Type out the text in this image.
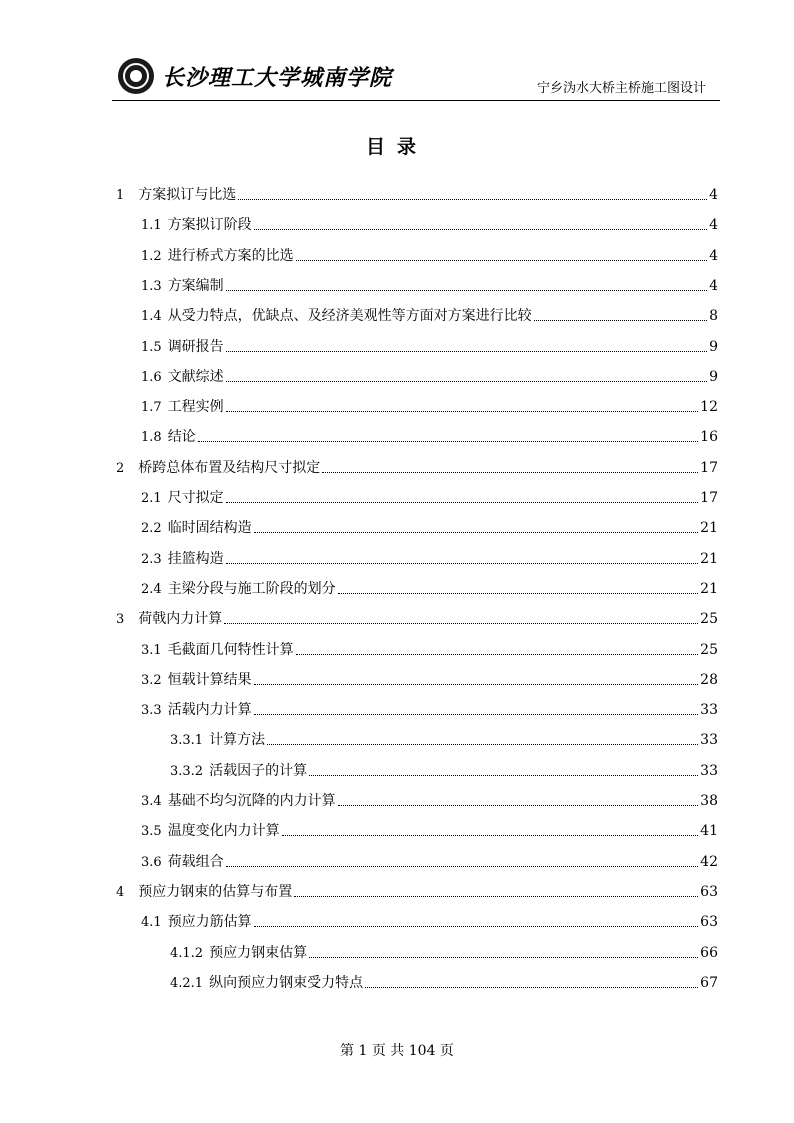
长沙理工大学城南学院	宁乡沩水大桥主桥施工图设计
目录
1 方案拟订与比选	4
1.1 方案拟订阶段	4
1.2 进行桥式方案的比选	4
1.3 方案编制	4
1.4 从受力特点，优缺点、及经济美观性等方面对方案进行比较	8
1.5 调研报告	9
1.6 文献综述	9
1.7 工程实例	12
1.8 结论	16
2 桥跨总体布置及结构尺寸拟定	17
2.1 尺寸拟定	17
2.2 临时固结构造	21
2.3 挂篮构造	21
2.4 主梁分段与施工阶段的划分	21
3 荷戟内力计算	25
3.1 毛截面几何特性计算	25
3.2 恒载计算结果	28
3.3 活载内力计算	33
3.3.1 计算方法	33
3.3.2 活载因子的计算	33
3.4 基础不均匀沉降的内力计算	38
3.5 温度变化内力计算	41
3.6 荷载组合	42
4 预应力钢束的估算与布置	63
4.1 预应力筋估算	63
4.1.2 预应力钢束估算	66
4.2.1 纵向预应力钢束受力特点	67
第 1 页 共 104 页
